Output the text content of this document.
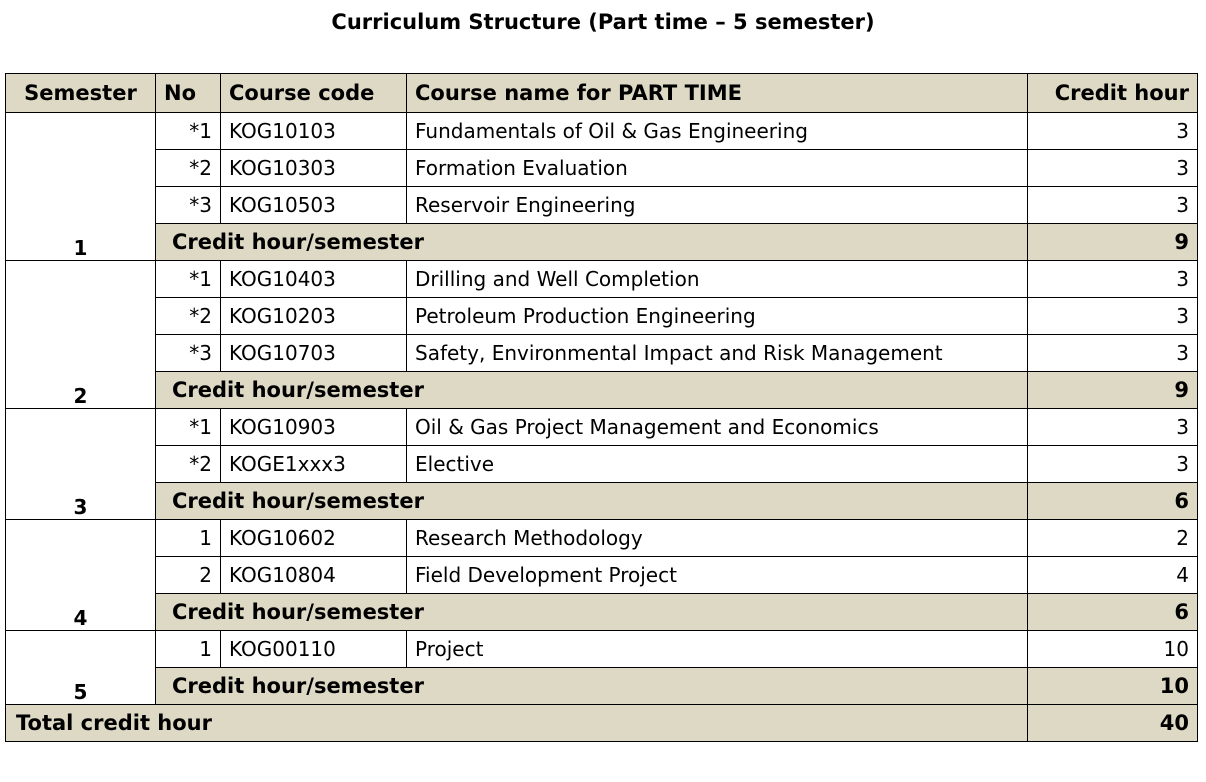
Curriculum Structure (Part time – 5 semester)
Semester	No	Course code	Course name for PART TIME	Credit hour
1	*1	KOG10103	Fundamentals of Oil & Gas Engineering	3
	*2	KOG10303	Formation Evaluation	3
	*3	KOG10503	Reservoir Engineering	3
	Credit hour/semester			9
2	*1	KOG10403	Drilling and Well Completion	3
	*2	KOG10203	Petroleum Production Engineering	3
	*3	KOG10703	Safety, Environmental Impact and Risk Management	3
	Credit hour/semester			9
3	*1	KOG10903	Oil & Gas Project Management and Economics	3
	*2	KOGE1xxx3	Elective	3
	Credit hour/semester			6
4	1	KOG10602	Research Methodology	2
	2	KOG10804	Field Development Project	4
	Credit hour/semester			6
5	1	KOG00110	Project	10
	Credit hour/semester			10
Total credit hour				40
